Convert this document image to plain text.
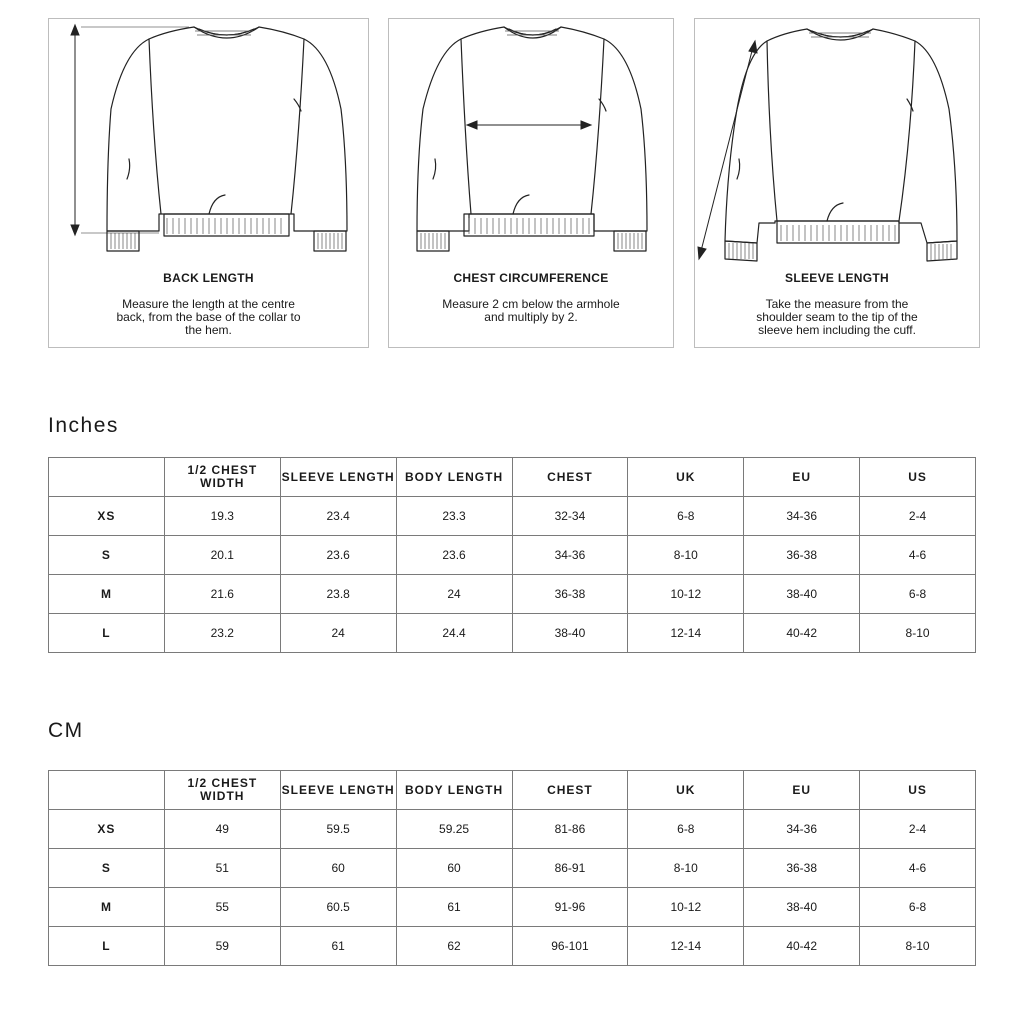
BACK LENGTH
Measure the length at the centre back, from the base of the collar to the hem.
CHEST CIRCUMFERENCE
Measure 2 cm below the armhole and multiply by 2.
SLEEVE LENGTH
Take the measure from the shoulder seam to the tip of the sleeve hem including the cuff.
Inches
	1/2 CHEST WIDTH	SLEEVE LENGTH	BODY LENGTH	CHEST	UK	EU	US
XS	19.3	23.4	23.3	32-34	6-8	34-36	2-4
S	20.1	23.6	23.6	34-36	8-10	36-38	4-6
M	21.6	23.8	24	36-38	10-12	38-40	6-8
L	23.2	24	24.4	38-40	12-14	40-42	8-10
CM
	1/2 CHEST WIDTH	SLEEVE LENGTH	BODY LENGTH	CHEST	UK	EU	US
XS	49	59.5	59.25	81-86	6-8	34-36	2-4
S	51	60	60	86-91	8-10	36-38	4-6
M	55	60.5	61	91-96	10-12	38-40	6-8
L	59	61	62	96-101	12-14	40-42	8-10
